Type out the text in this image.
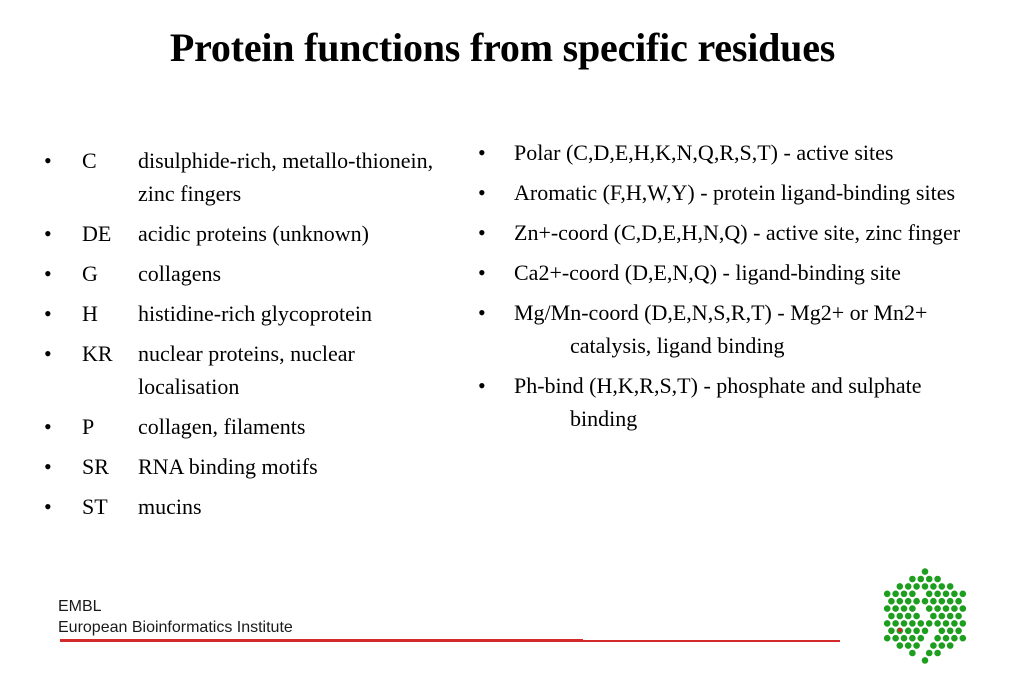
Protein functions from specific residues
• C disulphide-rich, metallo-thionein, zinc fingers
• DE acidic proteins (unknown)
• G collagens
• H histidine-rich glycoprotein
• KR nuclear proteins, nuclear localisation
• P collagen, filaments
• SR RNA binding motifs
• ST mucins
• Polar (C,D,E,H,K,N,Q,R,S,T) - active sites
• Aromatic (F,H,W,Y) - protein ligand-binding sites
• Zn+-coord (C,D,E,H,N,Q) - active site, zinc finger
• Ca2+-coord (D,E,N,Q) - ligand-binding site
• Mg/Mn-coord (D,E,N,S,R,T) - Mg2+ or Mn2+ catalysis, ligand binding
• Ph-bind (H,K,R,S,T) - phosphate and sulphate binding
EMBL
European Bioinformatics Institute
